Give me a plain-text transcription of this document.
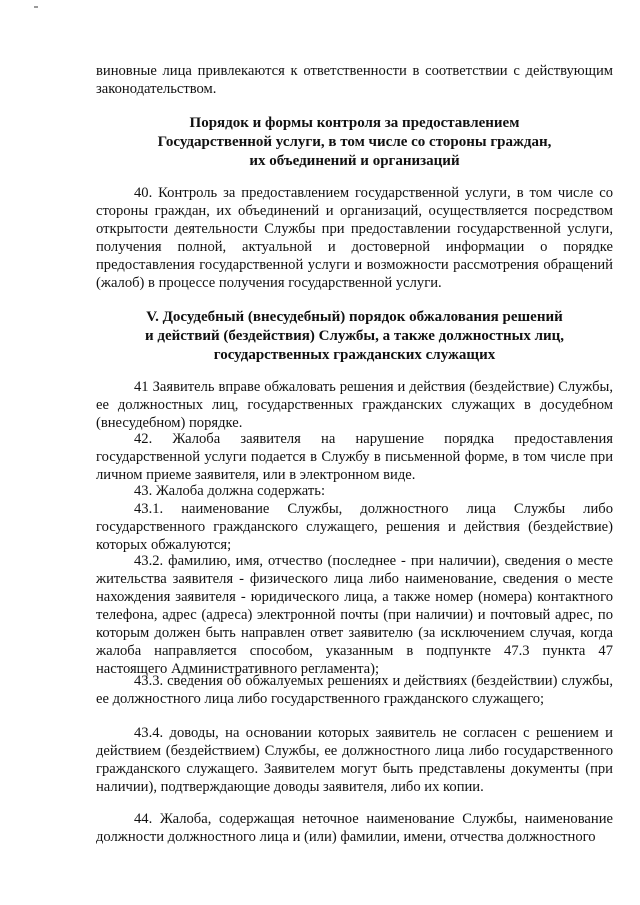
виновные лица привлекаются к ответственности в соответствии с действующим законодательством.

Порядок и формы контроля за предоставлением
Государственной услуги, в том числе со стороны граждан,
их объединений и организаций

40. Контроль за предоставлением государственной услуги, в том числе со стороны граждан, их объединений и организаций, осуществляется посредством открытости деятельности Службы при предоставлении государственной услуги, получения полной, актуальной и достоверной информации о порядке предоставления государственной услуги и возможности рассмотрения обращений (жалоб) в процессе получения государственной услуги.

V. Досудебный (внесудебный) порядок обжалования решений
и действий (бездействия) Службы, а также должностных лиц,
государственных гражданских служащих

41 Заявитель вправе обжаловать решения и действия (бездействие) Службы, ее должностных лиц, государственных гражданских служащих в досудебном (внесудебном) порядке.

42. Жалоба заявителя на нарушение порядка предоставления государственной услуги подается в Службу в письменной форме, в том числе при личном приеме заявителя, или в электронном виде.

43. Жалоба должна содержать:

43.1. наименование Службы, должностного лица Службы либо государственного гражданского служащего, решения и действия (бездействие) которых обжалуются;

43.2. фамилию, имя, отчество (последнее - при наличии), сведения о месте жительства заявителя - физического лица либо наименование, сведения о месте нахождения заявителя - юридического лица, а также номер (номера) контактного телефона, адрес (адреса) электронной почты (при наличии) и почтовый адрес, по которым должен быть направлен ответ заявителю (за исключением случая, когда жалоба направляется способом, указанным в подпункте 47.3 пункта 47 настоящего Административного регламента);

43.3. сведения об обжалуемых решениях и действиях (бездействии) службы, ее должностного лица либо государственного гражданского служащего;

43.4. доводы, на основании которых заявитель не согласен с решением и действием (бездействием) Службы, ее должностного лица либо государственного гражданского служащего. Заявителем могут быть представлены документы (при наличии), подтверждающие доводы заявителя, либо их копии.

44. Жалоба, содержащая неточное наименование Службы, наименование должности должностного лица и (или) фамилии, имени, отчества должностного
